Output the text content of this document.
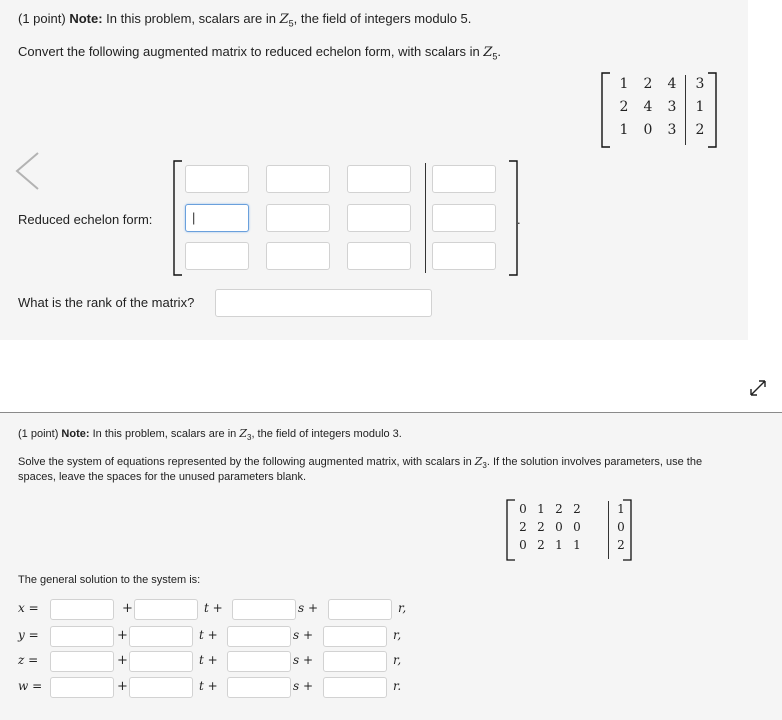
(1 point) Note: In this problem, scalars are in $Z_5$, the field of integers modulo 5.
Convert the following augmented matrix to reduced echelon form, with scalars in $Z_5$.
1 2 4 3
2 4 3 1
1 0 3 2
Reduced echelon form:	|	.
What is the rank of the matrix?
(1 point) Note: In this problem, scalars are in $Z_3$, the field of integers modulo 3.
Solve the system of equations represented by the following augmented matrix, with scalars in $Z_3$. If the solution involves parameters, use the
spaces, leave the spaces for the unused parameters blank.
0 1 2 2	1
2 2 0 0	0
0 2 1 1	2
The general solution to the system is:
x =	+	t +	s +	r,
y =	+	t +	s +	r,
z =	+	t +	s +	r,
w =	+	t +	s +	r.
